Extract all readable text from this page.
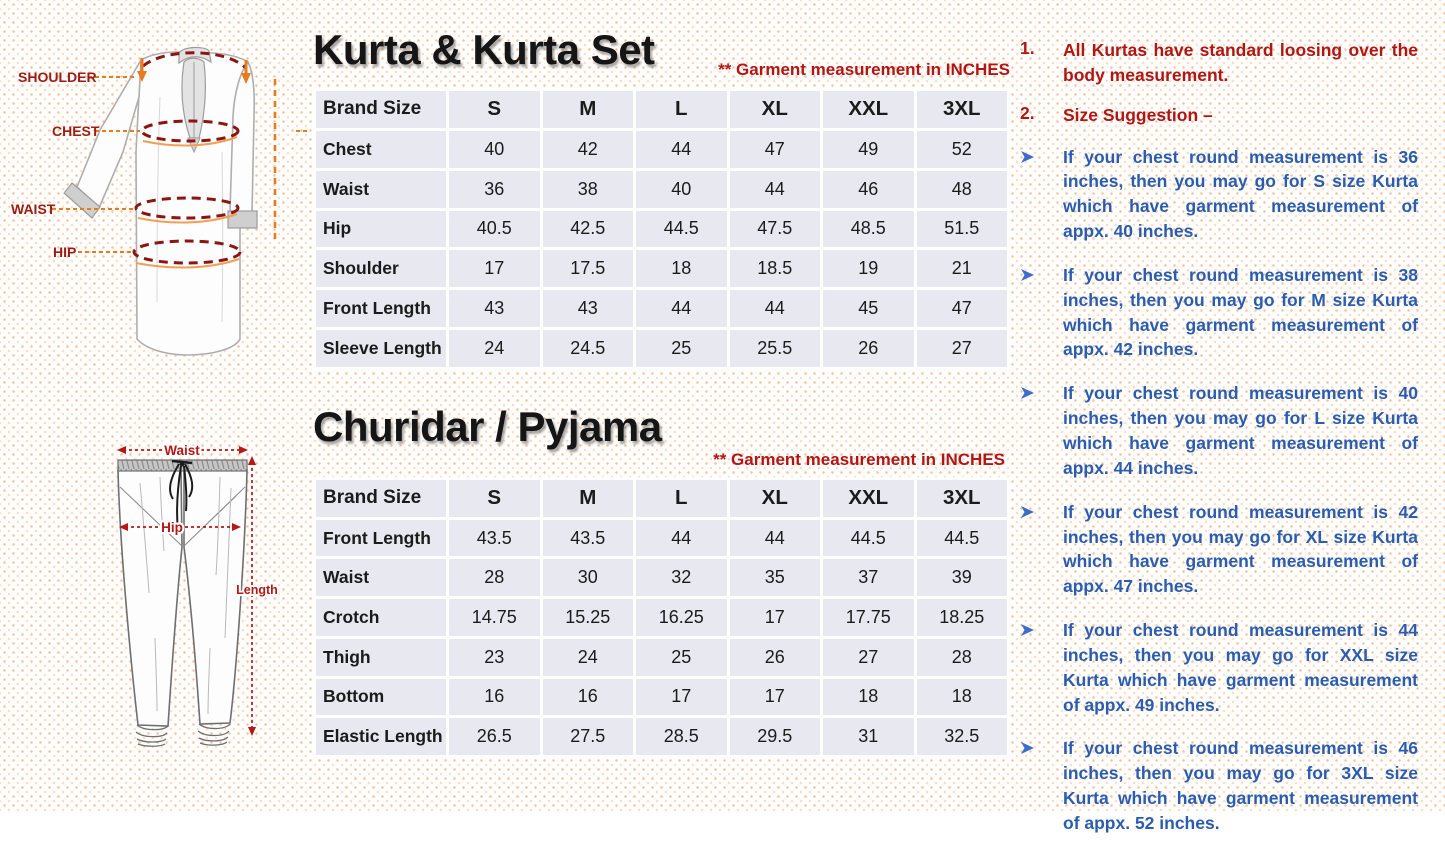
SHOULDER
CHEST
WAIST
HIP
Waist
Hip
Length
Kurta & Kurta Set	** Garment measurement in INCHES
Brand Size	S	M	L	XL	XXL	3XL
Chest	40	42	44	47	49	52
Waist	36	38	40	44	46	48
Hip	40.5	42.5	44.5	47.5	48.5	51.5
Shoulder	17	17.5	18	18.5	19	21
Front Length	43	43	44	44	45	47
Sleeve Length	24	24.5	25	25.5	26	27
Churidar / Pyjama
** Garment measurement in INCHES
Brand Size	S	M	L	XL	XXL	3XL
Front Length	43.5	43.5	44	44	44.5	44.5
Waist	28	30	32	35	37	39
Crotch	14.75	15.25	16.25	17	17.75	18.25
Thigh	23	24	25	26	27	28
Bottom	16	16	17	17	18	18
Elastic Length	26.5	27.5	28.5	29.5	31	32.5
1.	All Kurtas have standard loosing over the body measurement.
2.	Size Suggestion –
If your chest round measurement is 36 inches, then you may go for S size Kurta which have garment measurement of appx. 40 inches.
If your chest round measurement is 38 inches, then you may go for M size Kurta which have garment measurement of appx. 42 inches.
If your chest round measurement is 40 inches, then you may go for L size Kurta which have garment measurement of appx. 44 inches.
If your chest round measurement is 42 inches, then you may go for XL size Kurta which have garment measurement of appx. 47 inches.
If your chest round measurement is 44 inches, then you may go for XXL size Kurta which have garment measurement of appx. 49 inches.
If your chest round measurement is 46 inches, then you may go for 3XL size Kurta which have garment measurement of appx. 52 inches.
